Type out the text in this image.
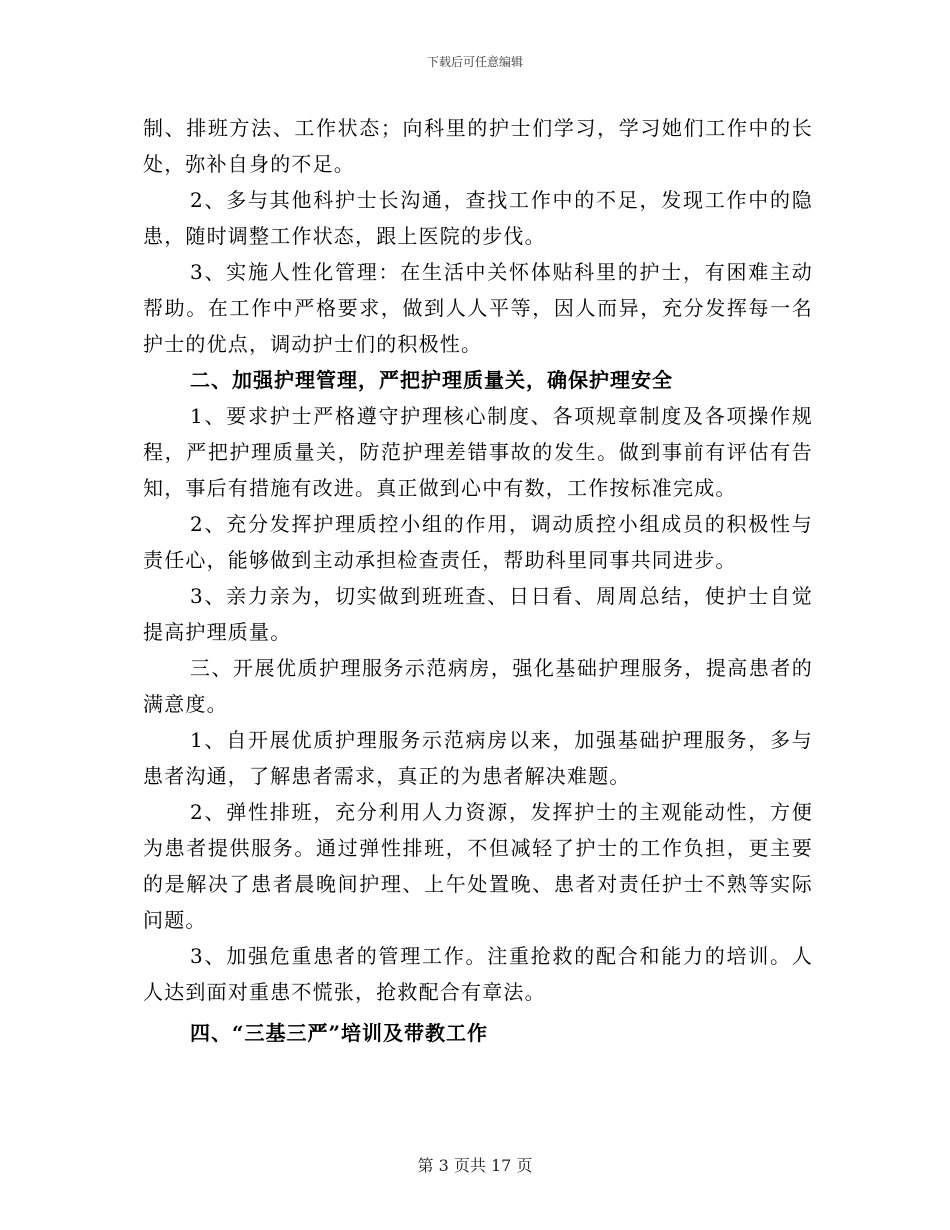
下载后可任意编辑

制、排班方法、工作状态；向科里的护士们学习，学习她们工作中的长处，弥补自身的不足。

2、多与其他科护士长沟通，查找工作中的不足，发现工作中的隐患，随时调整工作状态，跟上医院的步伐。

3、实施人性化管理：在生活中关怀体贴科里的护士，有困难主动帮助。在工作中严格要求，做到人人平等，因人而异，充分发挥每一名护士的优点，调动护士们的积极性。

二、加强护理管理，严把护理质量关，确保护理安全

1、要求护士严格遵守护理核心制度、各项规章制度及各项操作规程，严把护理质量关，防范护理差错事故的发生。做到事前有评估有告知，事后有措施有改进。真正做到心中有数，工作按标准完成。

2、充分发挥护理质控小组的作用，调动质控小组成员的积极性与责任心，能够做到主动承担检查责任，帮助科里同事共同进步。

3、亲力亲为，切实做到班班查、日日看、周周总结，使护士自觉提高护理质量。

三、开展优质护理服务示范病房，强化基础护理服务，提高患者的满意度。

1、自开展优质护理服务示范病房以来，加强基础护理服务，多与患者沟通，了解患者需求，真正的为患者解决难题。

2、弹性排班，充分利用人力资源，发挥护士的主观能动性，方便为患者提供服务。通过弹性排班，不但减轻了护士的工作负担，更主要的是解决了患者晨晚间护理、上午处置晚、患者对责任护士不熟等实际问题。

3、加强危重患者的管理工作。注重抢救的配合和能力的培训。人人达到面对重患不慌张，抢救配合有章法。

四、“三基三严”培训及带教工作

第 3 页共 17 页
